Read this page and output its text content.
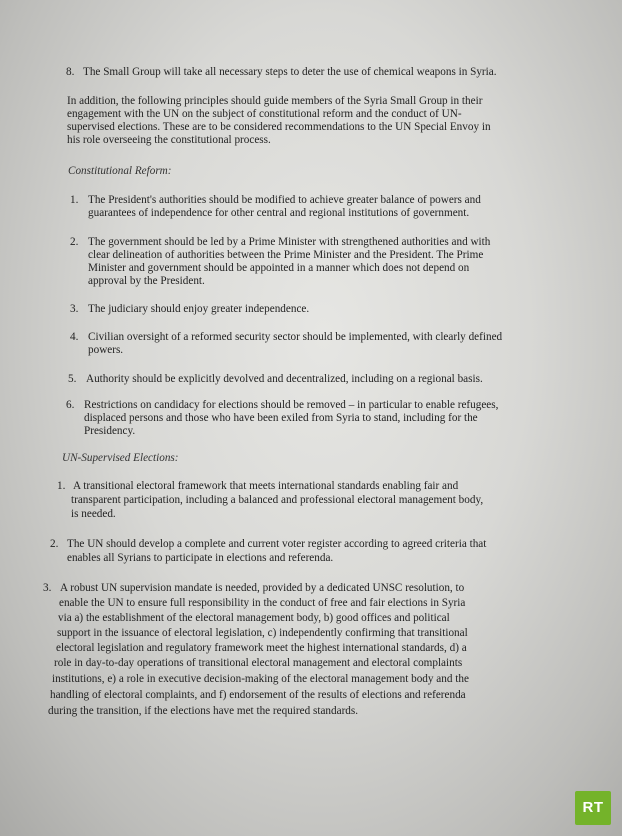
8. The Small Group will take all necessary steps to deter the use of chemical weapons in Syria.
In addition, the following principles should guide members of the Syria Small Group in their
engagement with the UN on the subject of constitutional reform and the conduct of UN-
supervised elections. These are to be considered recommendations to the UN Special Envoy in
his role overseeing the constitutional process.
Constitutional Reform:
1. The President's authorities should be modified to achieve greater balance of powers and
guarantees of independence for other central and regional institutions of government.
2. The government should be led by a Prime Minister with strengthened authorities and with
clear delineation of authorities between the Prime Minister and the President. The Prime
Minister and government should be appointed in a manner which does not depend on
approval by the President.
3. The judiciary should enjoy greater independence.
4. Civilian oversight of a reformed security sector should be implemented, with clearly defined
powers.
5. Authority should be explicitly devolved and decentralized, including on a regional basis.
6. Restrictions on candidacy for elections should be removed – in particular to enable refugees,
displaced persons and those who have been exiled from Syria to stand, including for the
Presidency.
UN-Supervised Elections:
1. A transitional electoral framework that meets international standards enabling fair and
transparent participation, including a balanced and professional electoral management body,
is needed.
2. The UN should develop a complete and current voter register according to agreed criteria that
enables all Syrians to participate in elections and referenda.
3. A robust UN supervision mandate is needed, provided by a dedicated UNSC resolution, to
enable the UN to ensure full responsibility in the conduct of free and fair elections in Syria
via a) the establishment of the electoral management body, b) good offices and political
support in the issuance of electoral legislation, c) independently confirming that transitional
electoral legislation and regulatory framework meet the highest international standards, d) a
role in day-to-day operations of transitional electoral management and electoral complaints
institutions, e) a role in executive decision-making of the electoral management body and the
handling of electoral complaints, and f) endorsement of the results of elections and referenda
during the transition, if the elections have met the required standards.
RT
